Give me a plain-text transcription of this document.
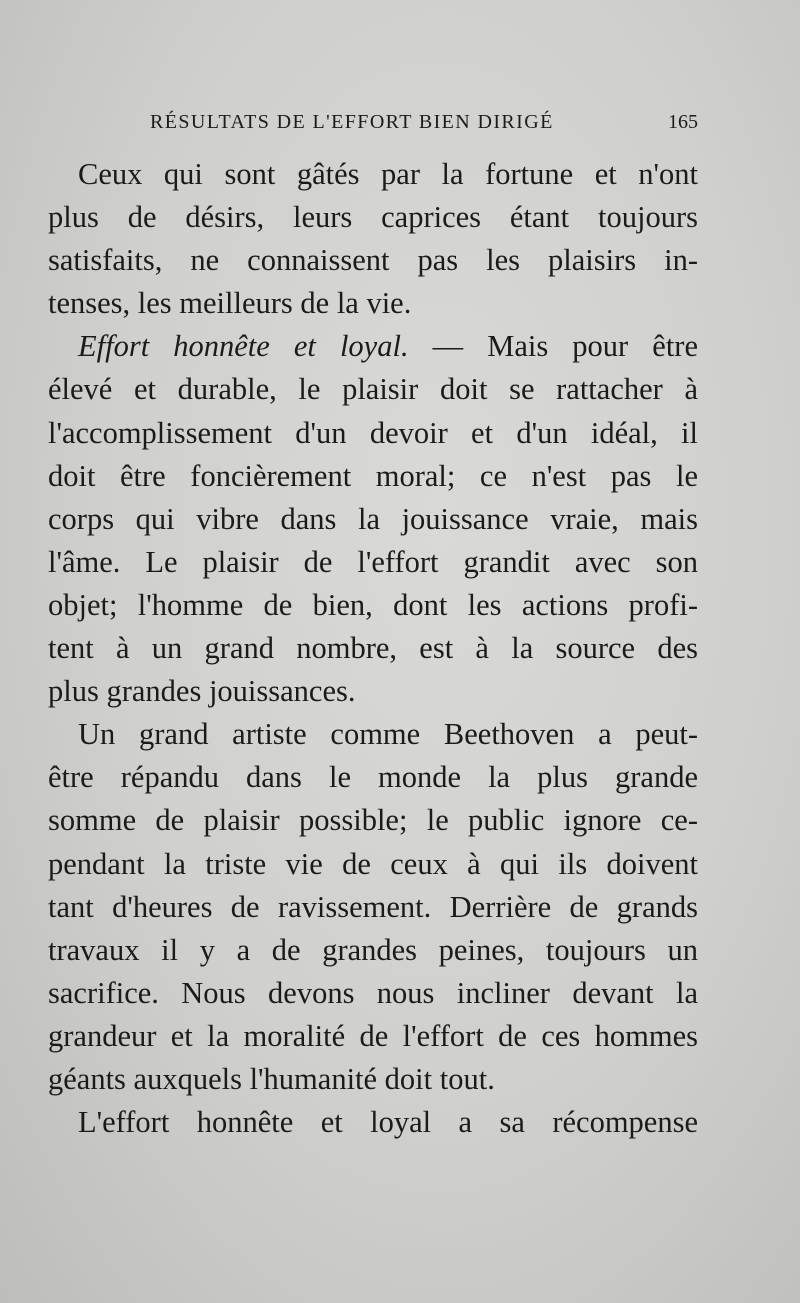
RÉSULTATS DE L'EFFORT BIEN DIRIGÉ	165
Ceux qui sont gâtés par la fortune et n'ont
plus de désirs, leurs caprices étant toujours
satisfaits, ne connaissent pas les plaisirs in-
tenses, les meilleurs de la vie.
Effort honnête et loyal. — Mais pour être
élevé et durable, le plaisir doit se rattacher à
l'accomplissement d'un devoir et d'un idéal, il
doit être foncièrement moral; ce n'est pas le
corps qui vibre dans la jouissance vraie, mais
l'âme. Le plaisir de l'effort grandit avec son
objet; l'homme de bien, dont les actions profi-
tent à un grand nombre, est à la source des
plus grandes jouissances.
Un grand artiste comme Beethoven a peut-
être répandu dans le monde la plus grande
somme de plaisir possible; le public ignore ce-
pendant la triste vie de ceux à qui ils doivent
tant d'heures de ravissement. Derrière de grands
travaux il y a de grandes peines, toujours un
sacrifice. Nous devons nous incliner devant la
grandeur et la moralité de l'effort de ces hommes
géants auxquels l'humanité doit tout.
L'effort honnête et loyal a sa récompense
